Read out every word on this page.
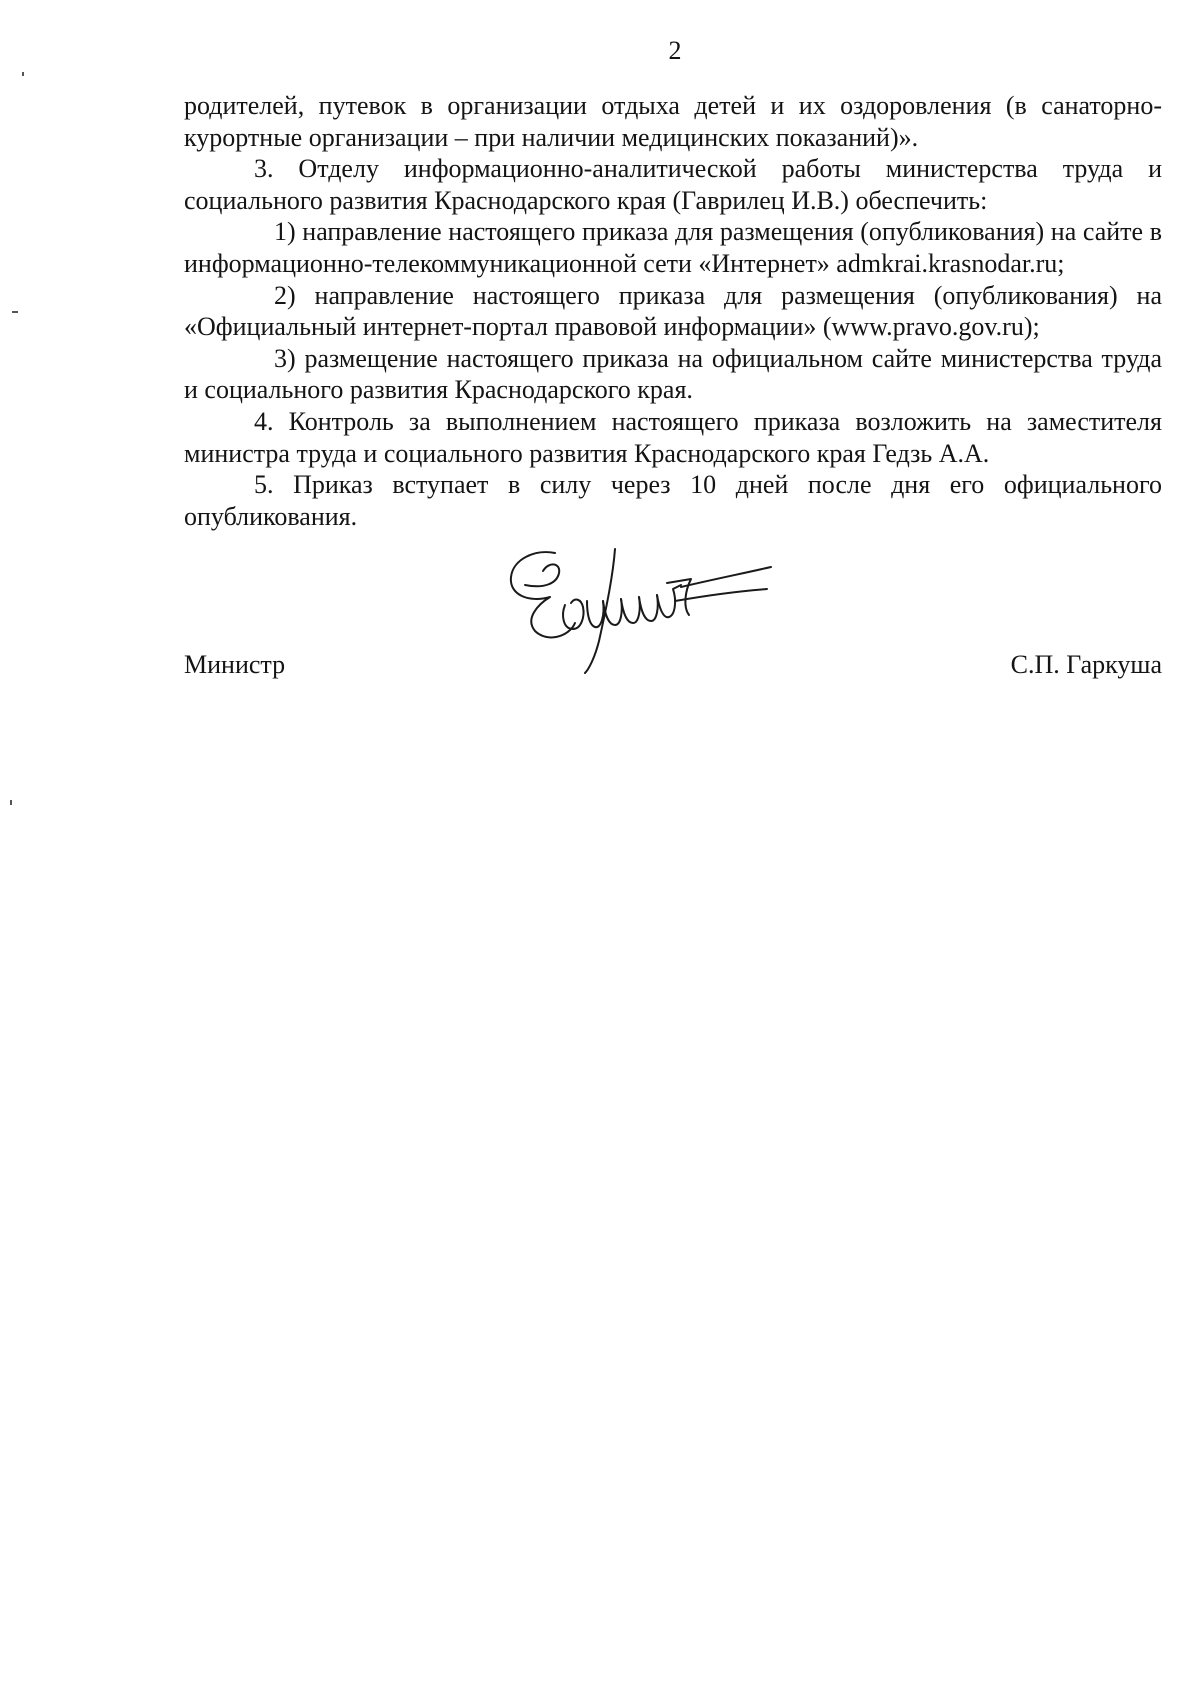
2

родителей, путевок в организации отдыха детей и их оздоровления (в санаторно-курортные организации – при наличии медицинских показаний)».

3. Отделу информационно-аналитической работы министерства труда и социального развития Краснодарского края (Гаврилец И.В.) обеспечить:

1) направление настоящего приказа для размещения (опубликования) на сайте в информационно-телекоммуникационной сети «Интернет» admkrai.krasnodar.ru;

2) направление настоящего приказа для размещения (опубликования) на «Официальный интернет-портал правовой информации» (www.pravo.gov.ru);

3) размещение настоящего приказа на официальном сайте министерства труда и социального развития Краснодарского края.

4. Контроль за выполнением настоящего приказа возложить на заместителя министра труда и социального развития Краснодарского края Гедзь А.А.

5. Приказ вступает в силу через 10 дней после дня его официального опубликования.

Министр	С.П. Гаркуша
